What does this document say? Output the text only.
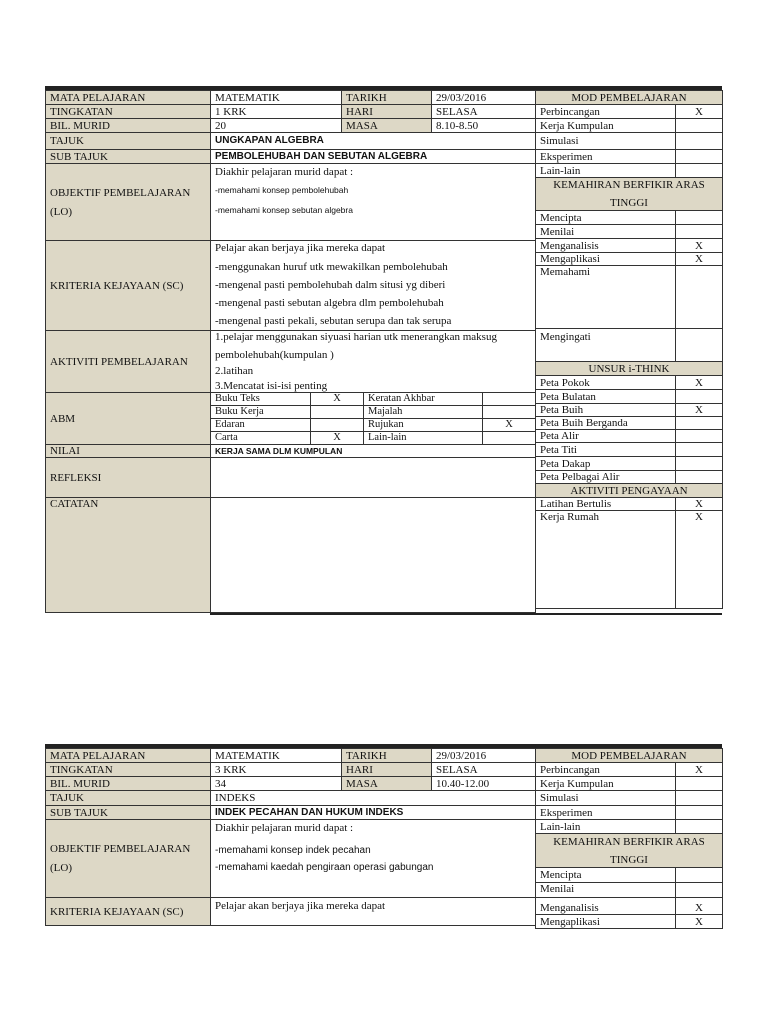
MATA PELAJARAN	MATEMATIK	TARIKH	29/03/2016
TINGKATAN	1 KRK	HARI	SELASA
BIL. MURID	20	MASA	8.10-8.50
TAJUK	UNGKAPAN ALGEBRA		
SUB TAJUK	PEMBOLEHUBAH DAN SEBUTAN ALGEBRA		

OBJEKTIF PEMBELAJARAN
(LO)	Diakhir pelajaran murid dapat :
-memahami konsep pembolehubah
-memahami konsep sebutan algebra		

KRITERIA KEJAYAAN (SC)	Pelajar akan berjaya jika mereka dapat
-menggunakan huruf utk mewakilkan pembolehubah
-mengenal pasti pembolehubah dalm situsi yg diberi
-mengenal pasti sebutan algebra dlm pembolehubah
-mengenal pasti pekali, sebutan serupa dan tak serupa		

AKTIVITI PEMBELAJARAN	1.pelajar menggunakan siyuasi harian utk menerangkan maksug
pembolehubah(kumpulan )
2.latihan
3.Mencatat isi-isi penting		
ABM	Buku Teks	X	Keratan Akhbar	
	Buku Kerja		Majalah	
	Edaran		Rujukan	X
	Carta	X	Lain-lain	
NILAI	KERJA SAMA DLM KUMPULAN
REFLEKSI	
CATATAN	
MOD PEMBELAJARAN	
Perbincangan	X
Kerja Kumpulan	
Simulasi	
Eksperimen	
Lain-lain	

KEMAHIRAN BERFIKIR ARAS
TINGGI	

Mencipta	
Menilai	
Menganalisis	X
Mengaplikasi	X
Memahami	
Mengingati	
UNSUR i-THINK	
Peta Pokok	X
Peta Bulatan	
Peta Buih	X
Peta Buih Berganda	
Peta Alir	
Peta Titi	
Peta Dakap	
Peta Pelbagai Alir	
AKTIVITI PENGAYAAN	
Latihan Bertulis	X
Kerja Rumah	X
MATA PELAJARAN	MATEMATIK	TARIKH	29/03/2016
TINGKATAN	3 KRK	HARI	SELASA
BIL. MURID	34	MASA	10.40-12.00
TAJUK	INDEKS		
SUB TAJUK	INDEK PECAHAN DAN HUKUM INDEKS		

OBJEKTIF PEMBELAJARAN
(LO)	Diakhir pelajaran murid dapat :
-memahami konsep indek pecahan
-memahami kaedah pengiraan operasi gabungan		

KRITERIA KEJAYAAN (SC)	Pelajar akan berjaya jika mereka dapat		
MOD PEMBELAJARAN	
Perbincangan	X
Kerja Kumpulan	
Simulasi	
Eksperimen	
Lain-lain	

KEMAHIRAN BERFIKIR ARAS
TINGGI	

Mencipta	
Menilai	
Menganalisis	X
Mengaplikasi	X
